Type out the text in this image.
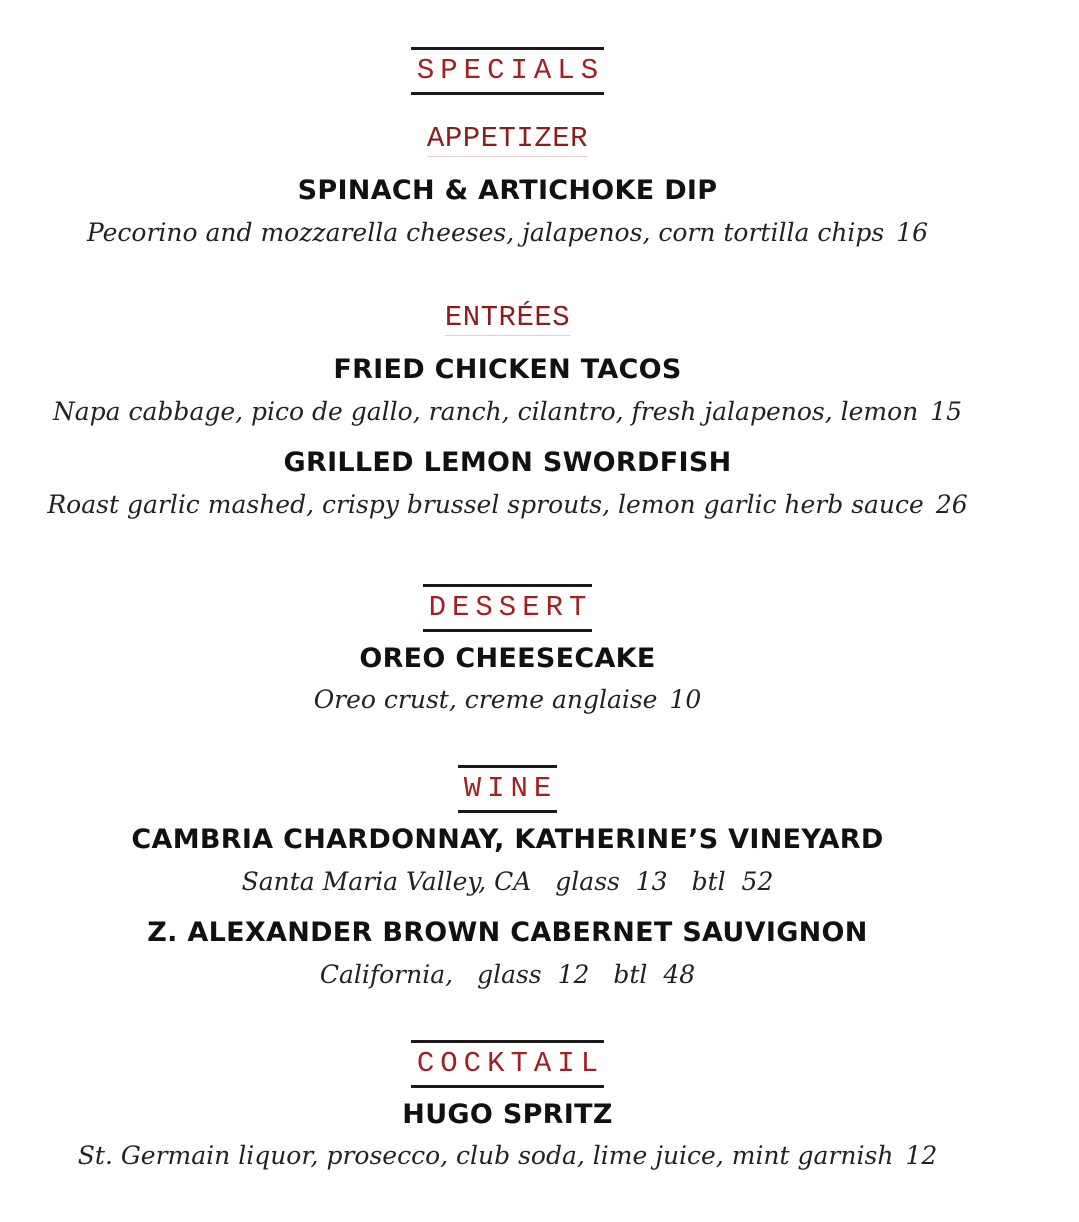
SPECIALS
APPETIZER
SPINACH & ARTICHOKE DIP
Pecorino and mozzarella cheeses, jalapenos, corn tortilla chips 16
ENTRÉES
FRIED CHICKEN TACOS
Napa cabbage, pico de gallo, ranch, cilantro, fresh jalapenos, lemon 15
GRILLED LEMON SWORDFISH
Roast garlic mashed, crispy brussel sprouts, lemon garlic herb sauce 26
DESSERT
OREO CHEESECAKE
Oreo crust, creme anglaise 10
WINE
CAMBRIA CHARDONNAY, KATHERINE’S VINEYARD
Santa Maria Valley, CA glass 13 btl 52
Z. ALEXANDER BROWN CABERNET SAUVIGNON
California, glass 12 btl 48
COCKTAIL
HUGO SPRITZ
St. Germain liquor, prosecco, club soda, lime juice, mint garnish 12
